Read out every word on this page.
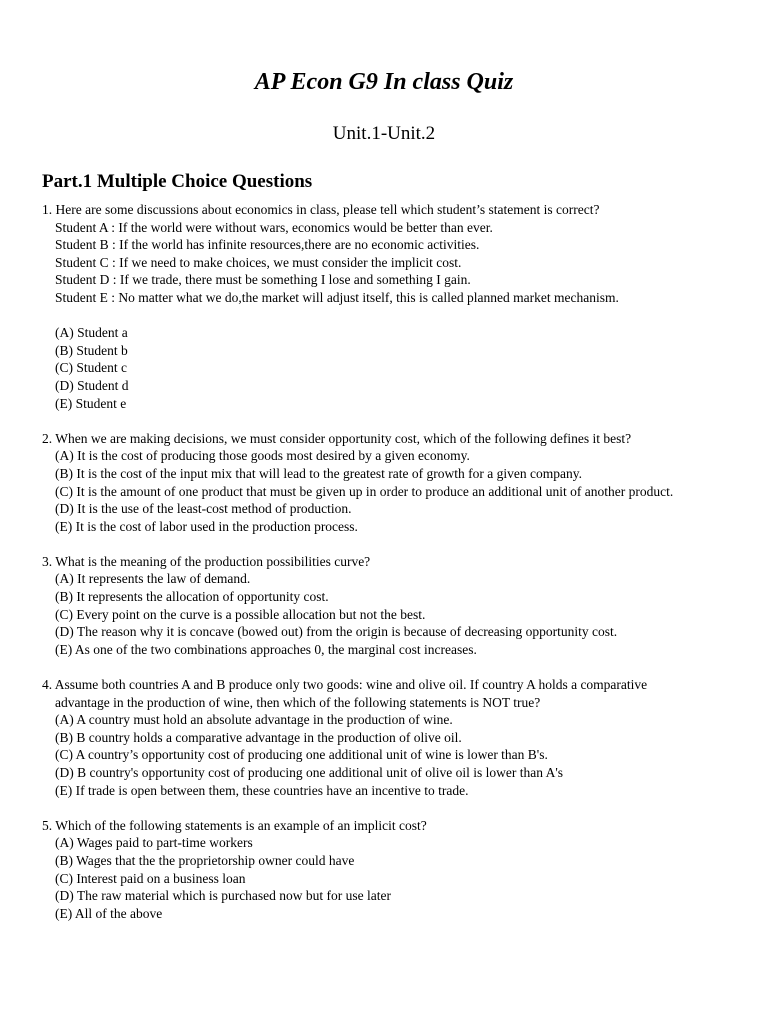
AP Econ G9 In class Quiz
Unit.1-Unit.2
Part.1 Multiple Choice Questions
1. Here are some discussions about economics in class, please tell which student’s statement is correct?
Student A : If the world were without wars, economics would be better than ever.
Student B : If the world has infinite resources,there are no economic activities.
Student C : If we need to make choices, we must consider the implicit cost.
Student D : If we trade, there must be something I lose and something I gain.
Student E : No matter what we do,the market will adjust itself, this is called planned market mechanism.
(A) Student a
(B) Student b
(C) Student c
(D) Student d
(E) Student e
2. When we are making decisions, we must consider opportunity cost, which of the following defines it best?
(A) It is the cost of producing those goods most desired by a given economy.
(B) It is the cost of the input mix that will lead to the greatest rate of growth for a given company.
(C) It is the amount of one product that must be given up in order to produce an additional unit of another product.
(D) It is the use of the least-cost method of production.
(E) It is the cost of labor used in the production process.
3. What is the meaning of the production possibilities curve?
(A) It represents the law of demand.
(B) It represents the allocation of opportunity cost.
(C) Every point on the curve is a possible allocation but not the best.
(D) The reason why it is concave (bowed out) from the origin is because of decreasing opportunity cost.
(E) As one of the two combinations approaches 0, the marginal cost increases.
4. Assume both countries A and B produce only two goods: wine and olive oil. If country A holds a comparative
advantage in the production of wine, then which of the following statements is NOT true?
(A) A country must hold an absolute advantage in the production of wine.
(B) B country holds a comparative advantage in the production of olive oil.
(C) A country’s opportunity cost of producing one additional unit of wine is lower than B's.
(D) B country's opportunity cost of producing one additional unit of olive oil is lower than A's
(E) If trade is open between them, these countries have an incentive to trade.
5. Which of the following statements is an example of an implicit cost?
(A) Wages paid to part-time workers
(B) Wages that the the proprietorship owner could have
(C) Interest paid on a business loan
(D) The raw material which is purchased now but for use later
(E) All of the above
